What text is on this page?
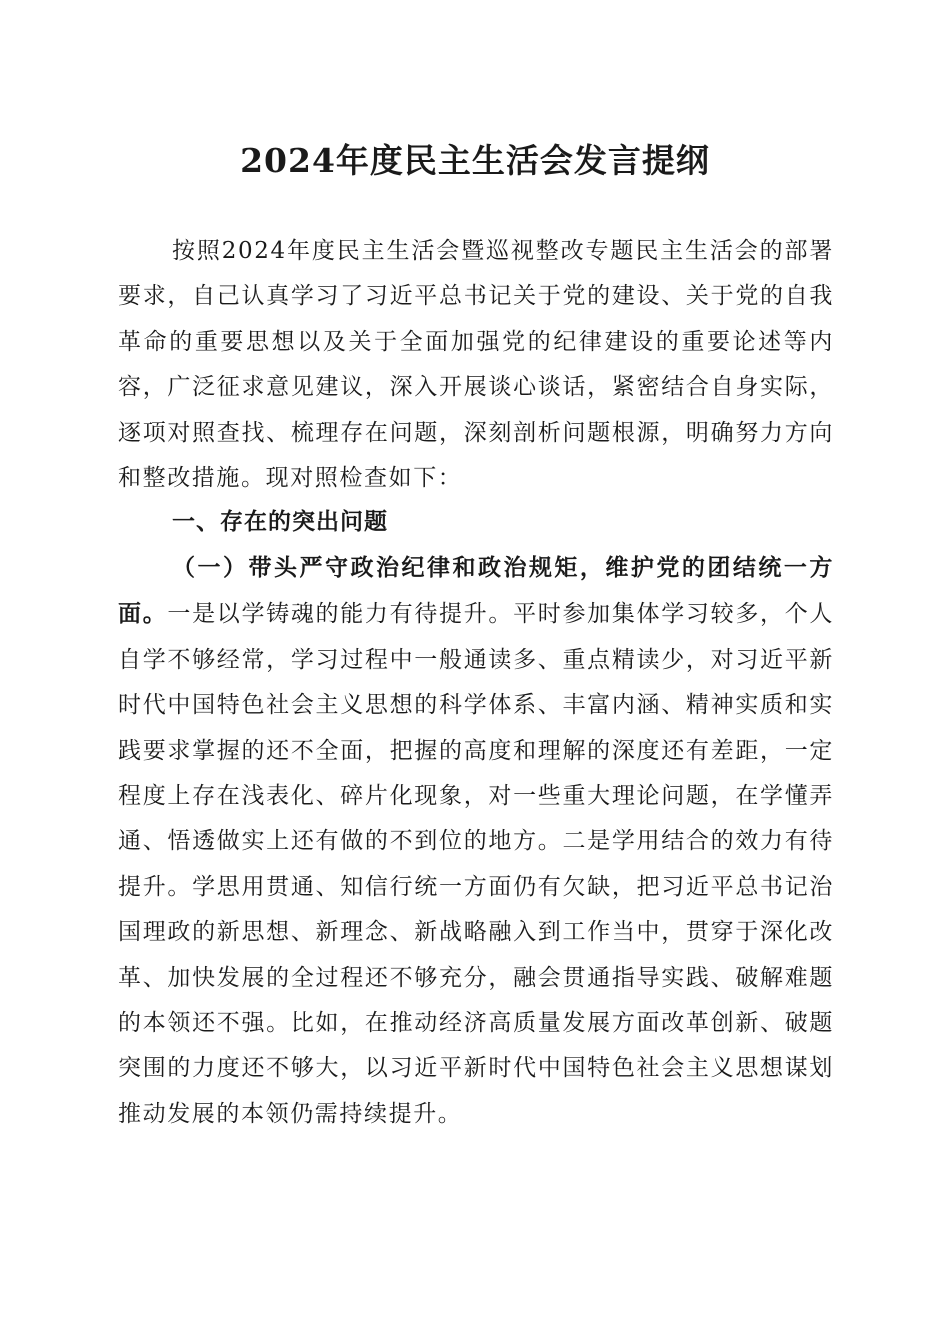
2024年度民主生活会发言提纲

按照2024年度民主生活会暨巡视整改专题民主生活会的部署要求，自己认真学习了习近平总书记关于党的建设、关于党的自我革命的重要思想以及关于全面加强党的纪律建设的重要论述等内容，广泛征求意见建议，深入开展谈心谈话，紧密结合自身实际，逐项对照查找、梳理存在问题，深刻剖析问题根源，明确努力方向和整改措施。现对照检查如下：

一、存在的突出问题

（一）带头严守政治纪律和政治规矩，维护党的团结统一方面。一是以学铸魂的能力有待提升。平时参加集体学习较多，个人自学不够经常，学习过程中一般通读多、重点精读少，对习近平新时代中国特色社会主义思想的科学体系、丰富内涵、精神实质和实践要求掌握的还不全面，把握的高度和理解的深度还有差距，一定程度上存在浅表化、碎片化现象，对一些重大理论问题，在学懂弄通、悟透做实上还有做的不到位的地方。二是学用结合的效力有待提升。学思用贯通、知信行统一方面仍有欠缺，把习近平总书记治国理政的新思想、新理念、新战略融入到工作当中，贯穿于深化改革、加快发展的全过程还不够充分，融会贯通指导实践、破解难题的本领还不强。比如，在推动经济高质量发展方面改革创新、破题突围的力度还不够大，以习近平新时代中国特色社会主义思想谋划推动发展的本领仍需持续提升。
